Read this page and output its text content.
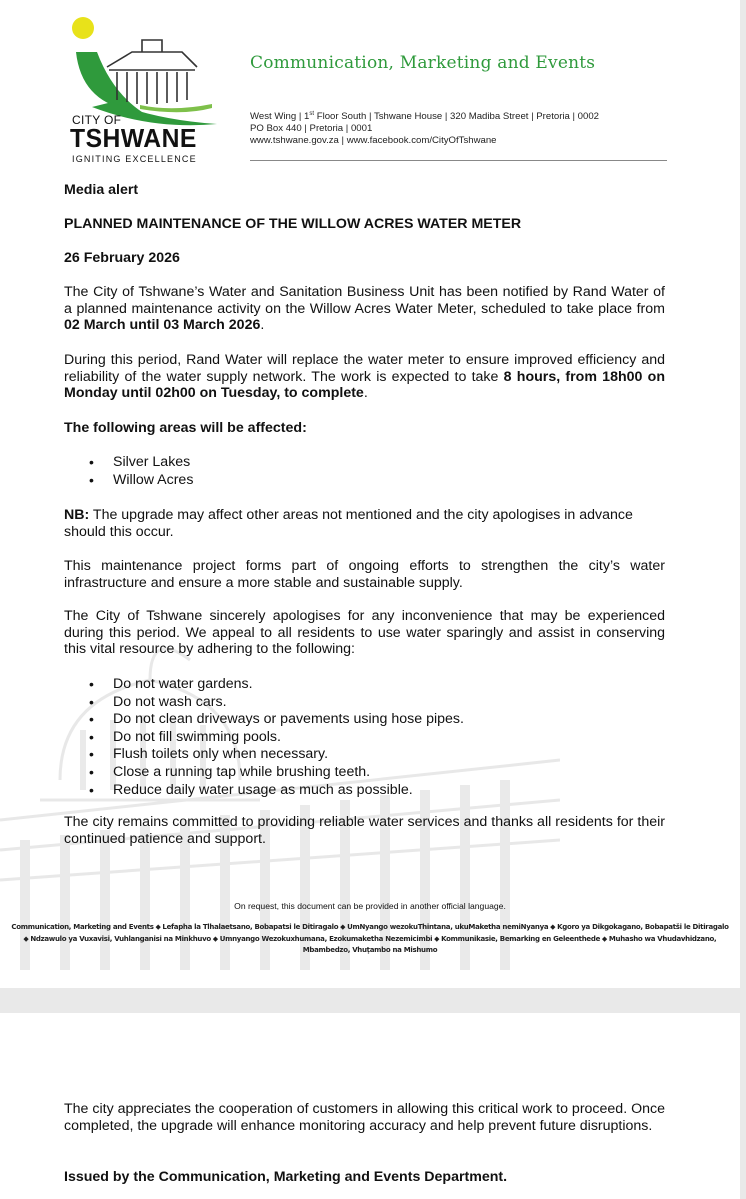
CITY OF
TSHWANE
IGNITING EXCELLENCE
Communication, Marketing and Events
West Wing | 1st Floor South | Tshwane House | 320 Madiba Street | Pretoria | 0002
PO Box 440 | Pretoria | 0001
www.tshwane.gov.za | www.facebook.com/CityOfTshwane
Media alert
PLANNED MAINTENANCE OF THE WILLOW ACRES WATER METER
26 February 2026
The City of Tshwane’s Water and Sanitation Business Unit has been notified by Rand Water of a planned maintenance activity on the Willow Acres Water Meter, scheduled to take place from 02 March until 03 March 2026.
During this period, Rand Water will replace the water meter to ensure improved efficiency and reliability of the water supply network. The work is expected to take 8 hours, from 18h00 on Monday until 02h00 on Tuesday, to complete.
The following areas will be affected:
• Silver Lakes
• Willow Acres
NB: The upgrade may affect other areas not mentioned and the city apologises in advance should this occur.
This maintenance project forms part of ongoing efforts to strengthen the city’s water infrastructure and ensure a more stable and sustainable supply.
The City of Tshwane sincerely apologises for any inconvenience that may be experienced during this period. We appeal to all residents to use water sparingly and assist in conserving this vital resource by adhering to the following:
• Do not water gardens.
• Do not wash cars.
• Do not clean driveways or pavements using hose pipes.
• Do not fill swimming pools.
• Flush toilets only when necessary.
• Close a running tap while brushing teeth.
• Reduce daily water usage as much as possible.
The city remains committed to providing reliable water services and thanks all residents for their continued patience and support.
On request, this document can be provided in another official language.
Communication, Marketing and Events ⬥ Lefapha la Tlhalaetsano, Bobapatsi le Ditiragalo ⬥ UmNyango wezokuThintana, ukuMaketha nemiNyanya ⬥ Kgoro ya Dikgokagano, Bobapatši le Ditiragalo ⬥ Ndzawulo ya Vuxavisi, Vuhlanganisi na Minkhuvo ⬥ Umnyango Wezokuxhumana, Ezokumaketha Nezemicimbi ⬥ Kommunikasie, Bemarking en Geleenthede ⬥ Muhasho wa Vhudavhidzano, Mbambedzo, Vhuṭambo na Mishumo
The city appreciates the cooperation of customers in allowing this critical work to proceed. Once completed, the upgrade will enhance monitoring accuracy and help prevent future disruptions.
Issued by the Communication, Marketing and Events Department.
